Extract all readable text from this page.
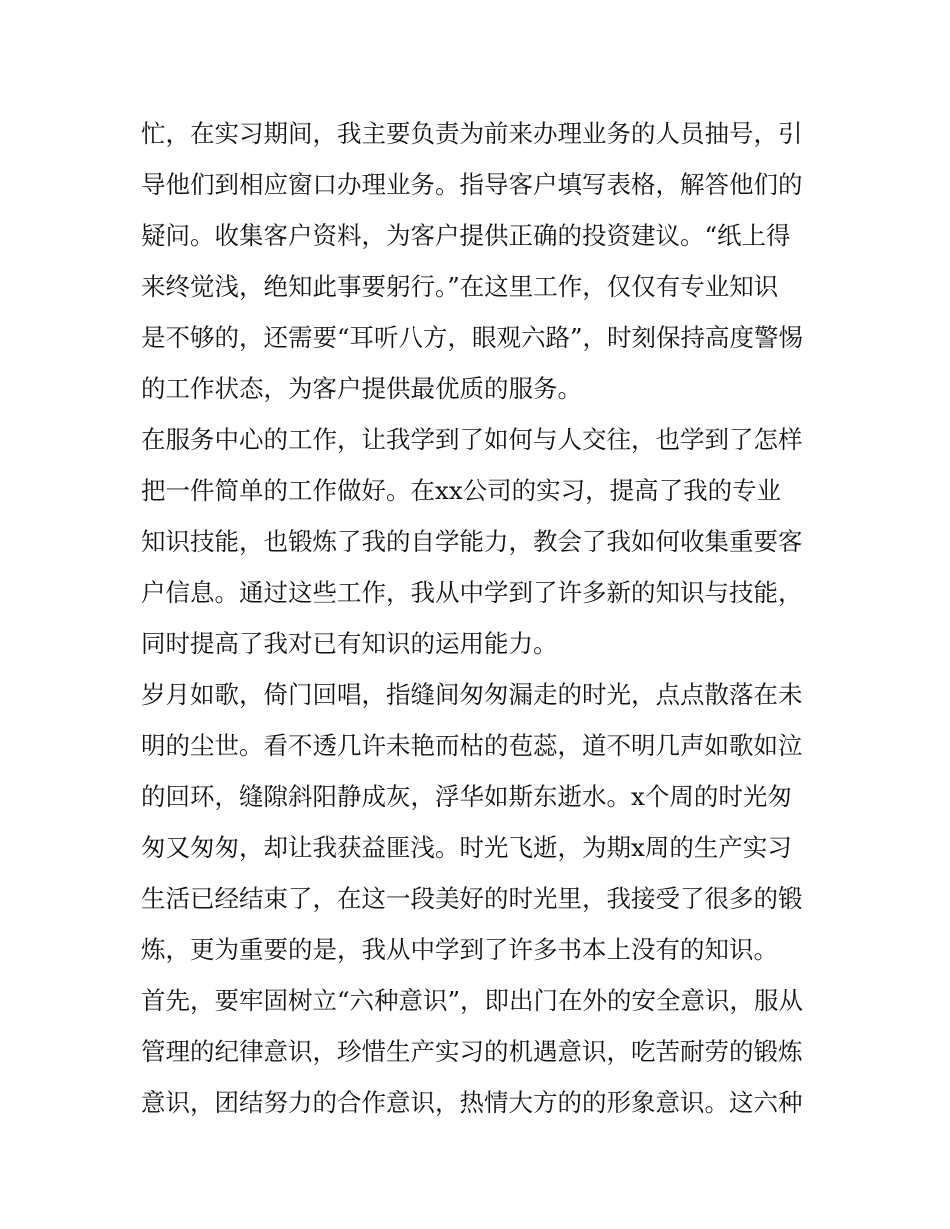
忙，在实习期间，我主要负责为前来办理业务的人员抽号，引
导他们到相应窗口办理业务。指导客户填写表格，解答他们的
疑问。收集客户资料，为客户提供正确的投资建议。“纸上得
来终觉浅，绝知此事要躬行。”在这里工作，仅仅有专业知识
是不够的，还需要“耳听八方，眼观六路”，时刻保持高度警惕
的工作状态，为客户提供最优质的服务。
在服务中心的工作，让我学到了如何与人交往，也学到了怎样
把一件简单的工作做好。在xx公司的实习，提高了我的专业
知识技能，也锻炼了我的自学能力，教会了我如何收集重要客
户信息。通过这些工作，我从中学到了许多新的知识与技能，
同时提高了我对已有知识的运用能力。
岁月如歌，倚门回唱，指缝间匆匆漏走的时光，点点散落在未
明的尘世。看不透几许未艳而枯的苞蕊，道不明几声如歌如泣
的回环，缝隙斜阳静成灰，浮华如斯东逝水。x个周的时光匆
匆又匆匆，却让我获益匪浅。时光飞逝，为期x周的生产实习
生活已经结束了，在这一段美好的时光里，我接受了很多的锻
炼，更为重要的是，我从中学到了许多书本上没有的知识。
首先，要牢固树立“六种意识”，即出门在外的安全意识，服从
管理的纪律意识，珍惜生产实习的机遇意识，吃苦耐劳的锻炼
意识，团结努力的合作意识，热情大方的的形象意识。这六种
